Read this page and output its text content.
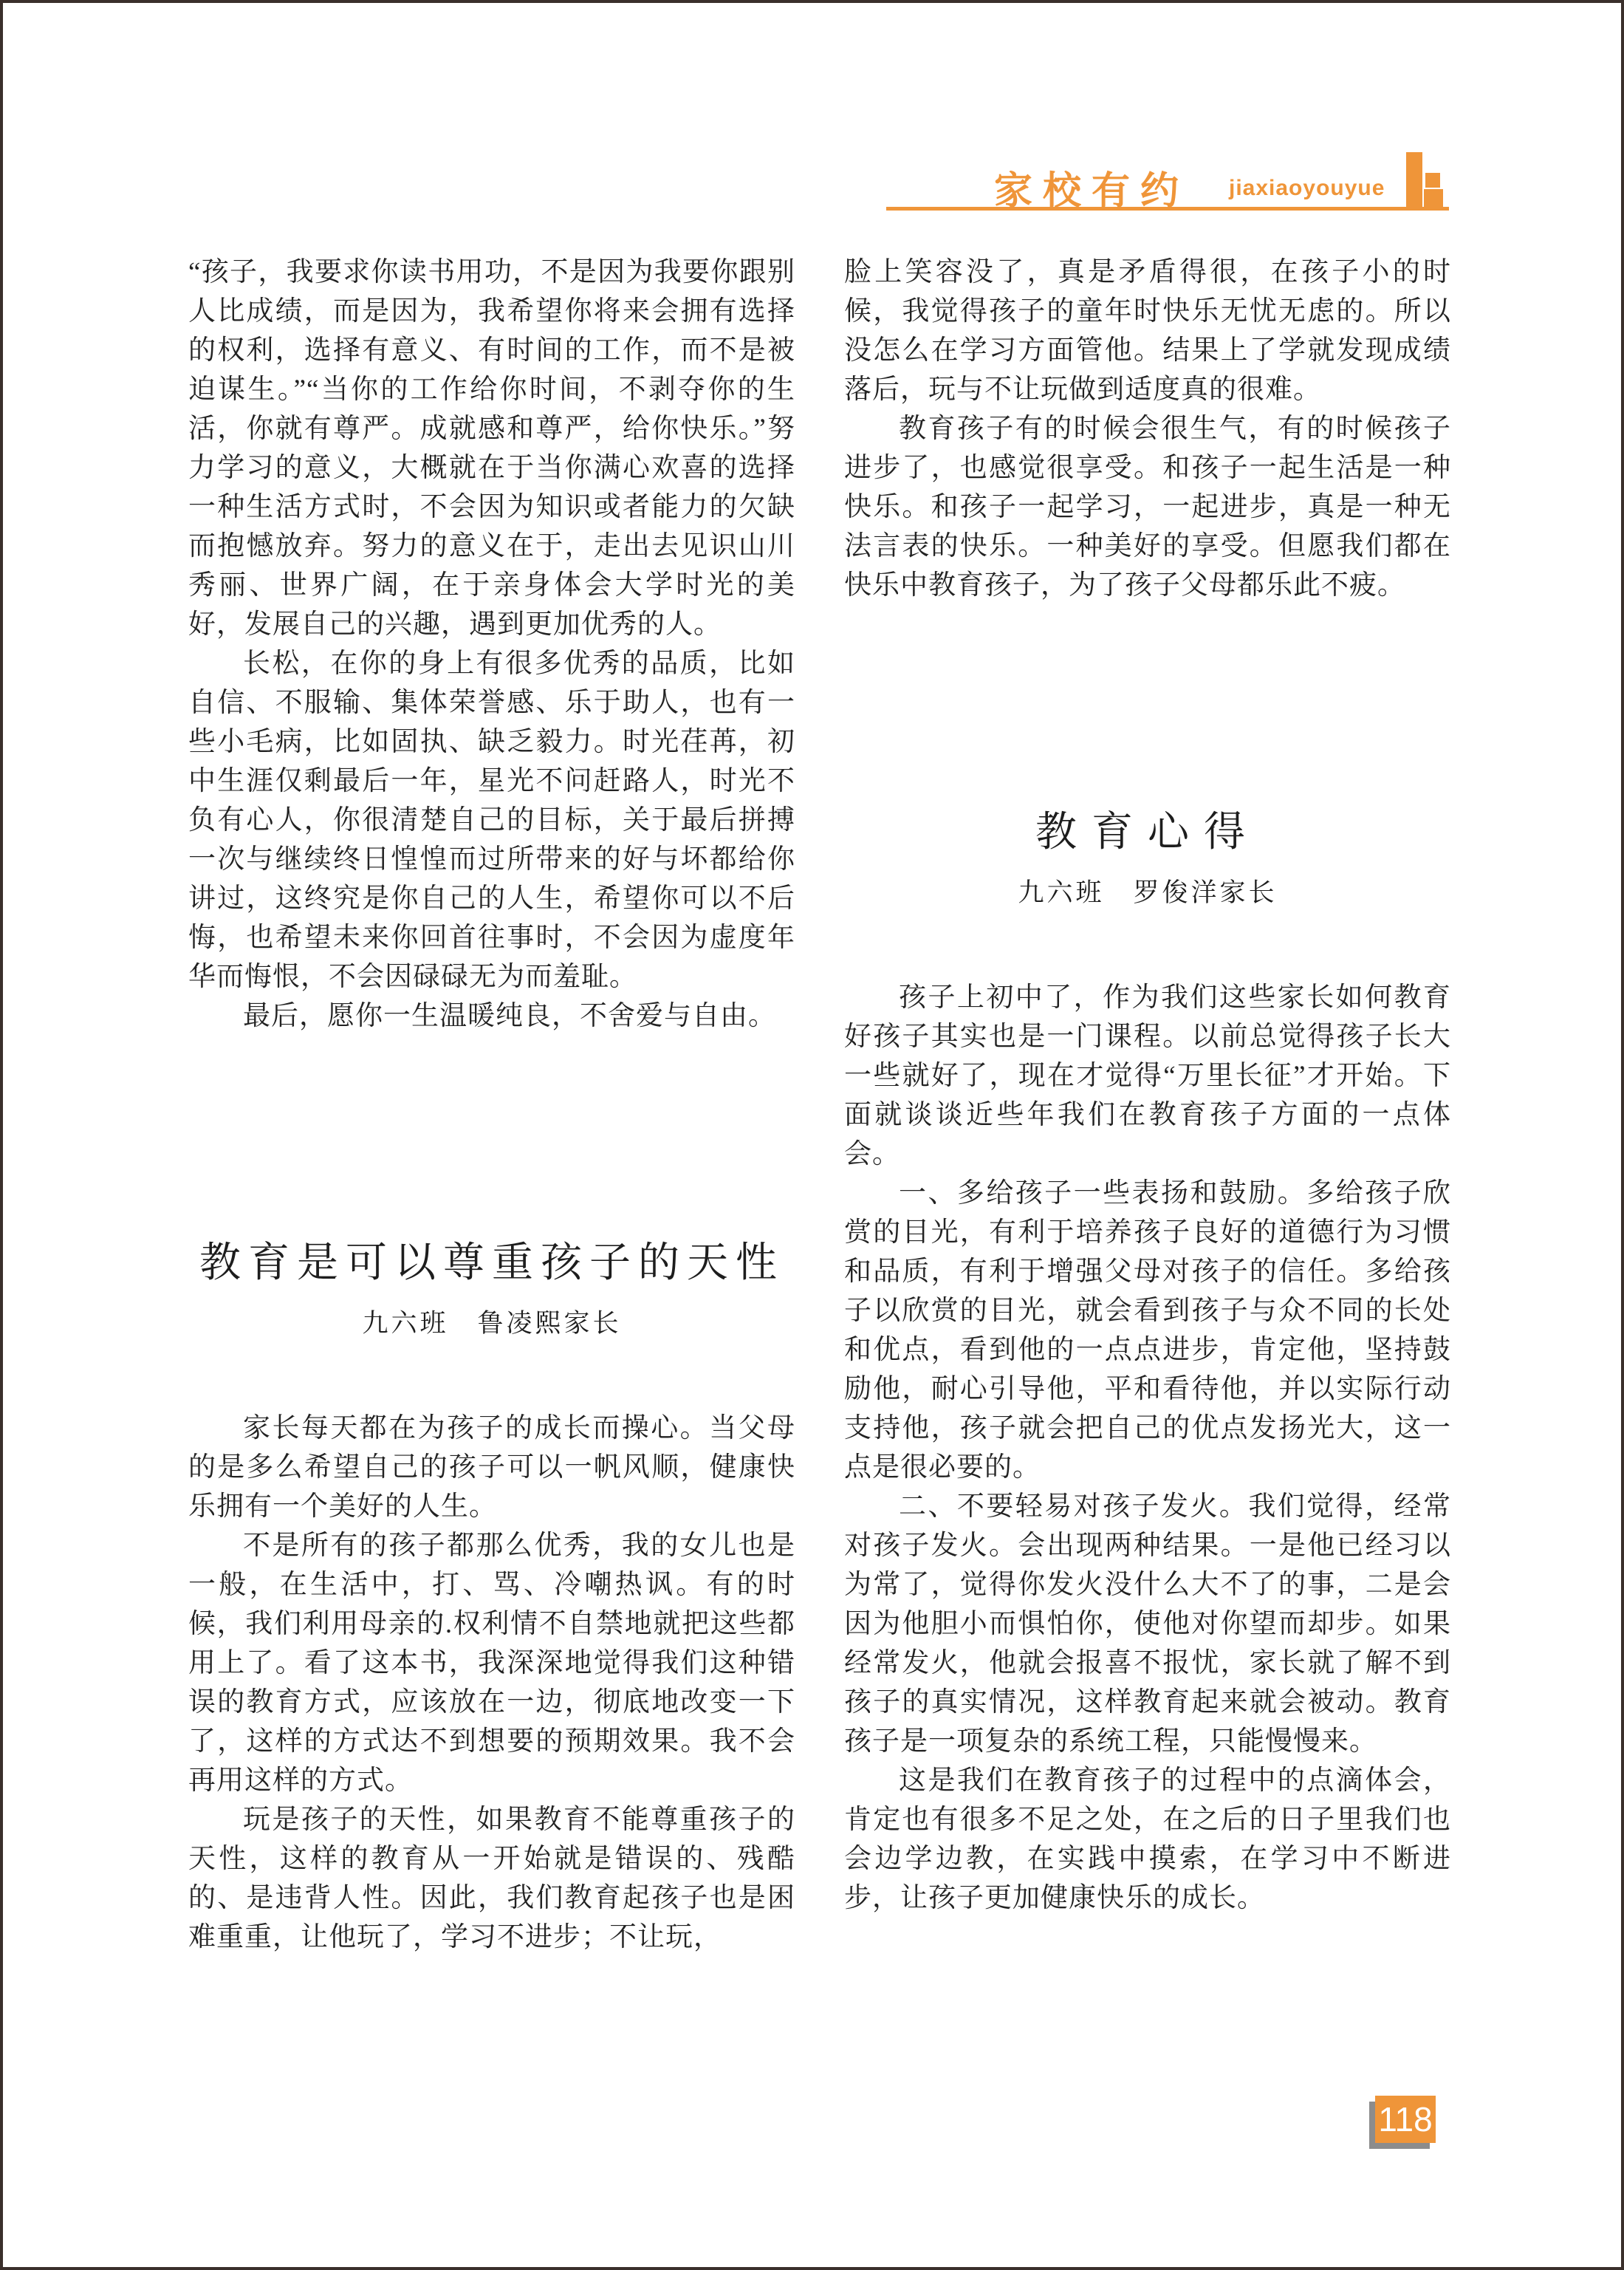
家校有约 jiaxiaoyouyue

“孩子，我要求你读书用功，不是因为我要你跟别人比成绩，而是因为，我希望你将来会拥有选择的权利，选择有意义、有时间的工作，而不是被迫谋生。”“当你的工作给你时间，不剥夺你的生活，你就有尊严。成就感和尊严，给你快乐。”努力学习的意义，大概就在于当你满心欢喜的选择一种生活方式时，不会因为知识或者能力的欠缺而抱憾放弃。努力的意义在于，走出去见识山川秀丽、世界广阔，在于亲身体会大学时光的美好，发展自己的兴趣，遇到更加优秀的人。

长松，在你的身上有很多优秀的品质，比如自信、不服输、集体荣誉感、乐于助人，也有一些小毛病，比如固执、缺乏毅力。时光荏苒，初中生涯仅剩最后一年，星光不问赶路人，时光不负有心人，你很清楚自己的目标，关于最后拼搏一次与继续终日惶惶而过所带来的好与坏都给你讲过，这终究是你自己的人生，希望你可以不后悔，也希望未来你回首往事时，不会因为虚度年华而悔恨，不会因碌碌无为而羞耻。

最后，愿你一生温暖纯良，不舍爱与自由。

教育是可以尊重孩子的天性
九六班　鲁凌熙家长

家长每天都在为孩子的成长而操心。当父母的是多么希望自己的孩子可以一帆风顺，健康快乐拥有一个美好的人生。

不是所有的孩子都那么优秀，我的女儿也是一般，在生活中，打、骂、冷嘲热讽。有的时候，我们利用母亲的.权利情不自禁地就把这些都用上了。看了这本书，我深深地觉得我们这种错误的教育方式，应该放在一边，彻底地改变一下了，这样的方式达不到想要的预期效果。我不会再用这样的方式。

玩是孩子的天性，如果教育不能尊重孩子的天性，这样的教育从一开始就是错误的、残酷的、是违背人性。因此，我们教育起孩子也是困难重重，让他玩了，学习不进步；不让玩，

脸上笑容没了，真是矛盾得很，在孩子小的时候，我觉得孩子的童年时快乐无忧无虑的。所以没怎么在学习方面管他。结果上了学就发现成绩落后，玩与不让玩做到适度真的很难。

教育孩子有的时候会很生气，有的时候孩子进步了，也感觉很享受。和孩子一起生活是一种快乐。和孩子一起学习，一起进步，真是一种无法言表的快乐。一种美好的享受。但愿我们都在快乐中教育孩子，为了孩子父母都乐此不疲。

教育心得
九六班　罗俊洋家长

孩子上初中了，作为我们这些家长如何教育好孩子其实也是一门课程。以前总觉得孩子长大一些就好了，现在才觉得“万里长征”才开始。下面就谈谈近些年我们在教育孩子方面的一点体会。

一、多给孩子一些表扬和鼓励。多给孩子欣赏的目光，有利于培养孩子良好的道德行为习惯和品质，有利于增强父母对孩子的信任。多给孩子以欣赏的目光，就会看到孩子与众不同的长处和优点，看到他的一点点进步，肯定他，坚持鼓励他，耐心引导他，平和看待他，并以实际行动支持他，孩子就会把自己的优点发扬光大，这一点是很必要的。

二、不要轻易对孩子发火。我们觉得，经常对孩子发火。会出现两种结果。一是他已经习以为常了，觉得你发火没什么大不了的事，二是会因为他胆小而惧怕你，使他对你望而却步。如果经常发火，他就会报喜不报忧，家长就了解不到孩子的真实情况，这样教育起来就会被动。教育孩子是一项复杂的系统工程，只能慢慢来。

这是我们在教育孩子的过程中的点滴体会，肯定也有很多不足之处，在之后的日子里我们也会边学边教，在实践中摸索，在学习中不断进步，让孩子更加健康快乐的成长。

118
